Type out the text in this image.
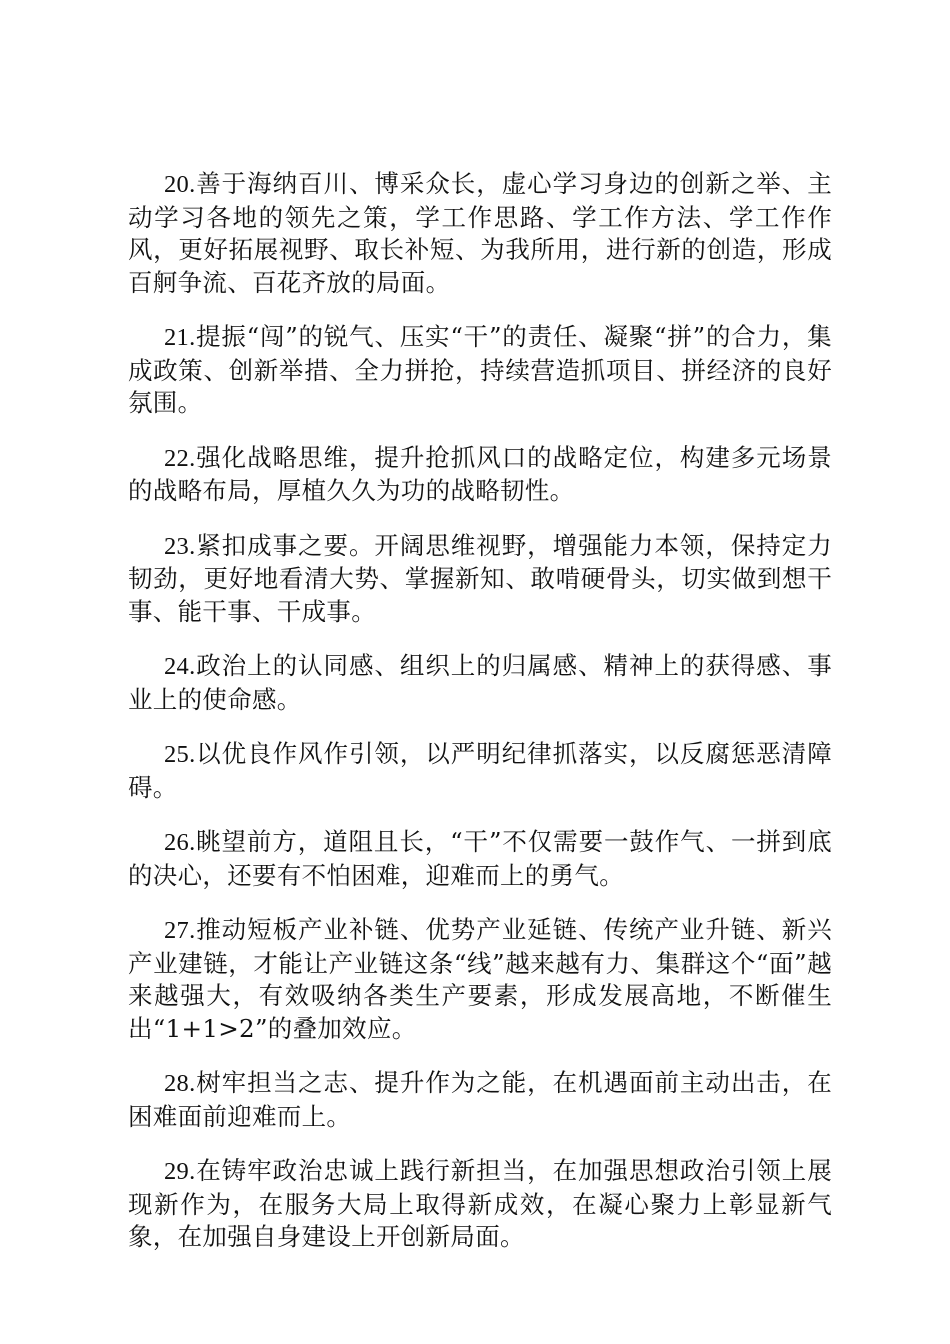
20.善于海纳百川、博采众长，虚心学习身边的创新之举、主动学习各地的领先之策，学工作思路、学工作方法、学工作作风，更好拓展视野、取长补短、为我所用，进行新的创造，形成百舸争流、百花齐放的局面。

21.提振“闯”的锐气、压实“干”的责任、凝聚“拼”的合力，集成政策、创新举措、全力拼抢，持续营造抓项目、拼经济的良好氛围。

22.强化战略思维，提升抢抓风口的战略定位，构建多元场景的战略布局，厚植久久为功的战略韧性。

23.紧扣成事之要。开阔思维视野，增强能力本领，保持定力韧劲，更好地看清大势、掌握新知、敢啃硬骨头，切实做到想干事、能干事、干成事。

24.政治上的认同感、组织上的归属感、精神上的获得感、事业上的使命感。

25.以优良作风作引领，以严明纪律抓落实，以反腐惩恶清障碍。

26.眺望前方，道阻且长，“干”不仅需要一鼓作气、一拼到底的决心，还要有不怕困难，迎难而上的勇气。

27.推动短板产业补链、优势产业延链、传统产业升链、新兴产业建链，才能让产业链这条“线”越来越有力、集群这个“面”越来越强大，有效吸纳各类生产要素，形成发展高地，不断催生出“1+1>2”的叠加效应。

28.树牢担当之志、提升作为之能，在机遇面前主动出击，在困难面前迎难而上。

29.在铸牢政治忠诚上践行新担当，在加强思想政治引领上展现新作为，在服务大局上取得新成效，在凝心聚力上彰显新气象，在加强自身建设上开创新局面。
